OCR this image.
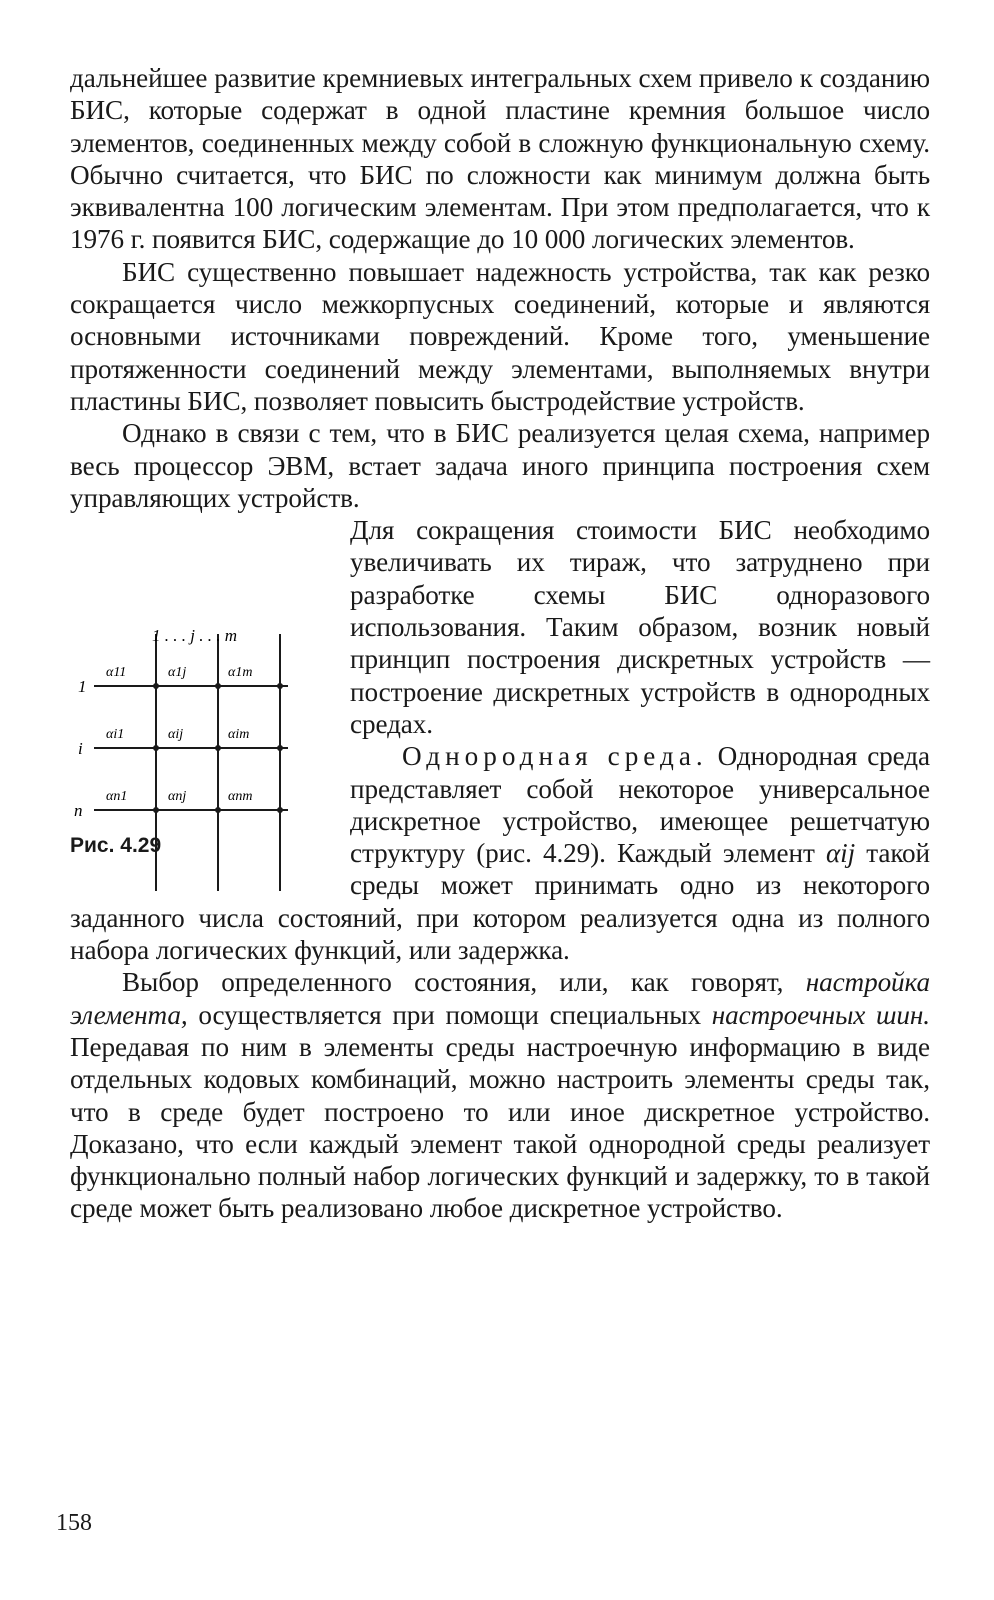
дальнейшее развитие кремниевых интегральных схем привело к созданию БИС, которые содержат в одной пластине кремния большое число элементов, соединенных между собой в сложную функциональную схему. Обычно считается, что БИС по сложности как минимум должна быть эквивалентна 100 логическим элементам. При этом предполагается, что к 1976 г. появится БИС, содержащие до 10 000 логических элементов.

БИС существенно повышает надежность устройства, так как резко сокращается число межкорпусных соединений, которые и являются основными источниками повреждений. Кроме того, уменьшение протяженности соединений между элементами, выполняемых внутри пластины БИС, позволяет повысить быстродействие устройств.

Однако в связи с тем, что в БИС реализуется целая схема, например весь процессор ЭВМ, встает задача иного принципа построения схем управляющих устройств.

1 . . . j . . . m
1
i
n
α11	α1j	α1m
αi1	αij	αim
αn1	αnj	αnm
Рис. 4.29

Для сокращения стоимости БИС необходимо увеличивать их тираж, что затруднено при разработке схемы БИС одноразового использования. Таким образом, возник новый принцип построения дискретных устройств — построение дискретных устройств в однородных средах.

Однородная среда. Однородная среда представляет собой некоторое универсальное дискретное устройство, имеющее решетчатую структуру (рис. 4.29). Каждый элемент αij такой среды может принимать одно из некоторого заданного числа состояний, при котором реализуется одна из полного набора логических функций, или задержка.

Выбор определенного состояния, или, как говорят, настройка элемента, осуществляется при помощи специальных настроечных шин. Передавая по ним в элементы среды настроечную информацию в виде отдельных кодовых комбинаций, можно настроить элементы среды так, что в среде будет построено то или иное дискретное устройство. Доказано, что если каждый элемент такой однородной среды реализует функционально полный набор логических функций и задержку, то в такой среде может быть реализовано любое дискретное устройство.

158
